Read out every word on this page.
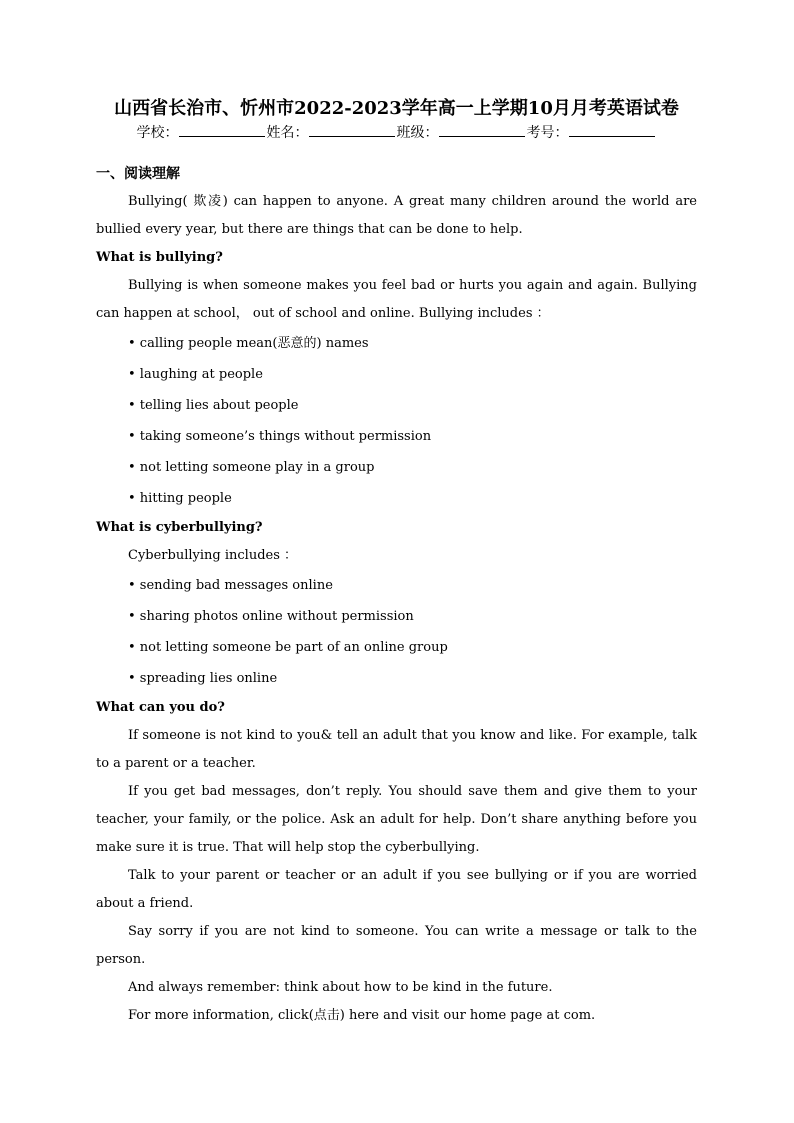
山西省长治市、忻州市2022-2023学年高一上学期10月月考英语试卷
学校：	姓名：	班级：	考号：

一、阅读理解

Bullying( 欺凌) can happen to anyone. A great many children around the world are bullied every year, but there are things that can be done to help.

What is bullying?

Bullying is when someone makes you feel bad or hurts you again and again. Bullying can happen at school， out of school and online. Bullying includes ：

• calling people mean(恶意的) names

• laughing at people

• telling lies about people

• taking someone’s things without permission

• not letting someone play in a group

• hitting people

What is cyberbullying?

Cyberbullying includes ：

• sending bad messages online

• sharing photos online without permission

• not letting someone be part of an online group

• spreading lies online

What can you do?

If someone is not kind to you& tell an adult that you know and like. For example, talk to a parent or a teacher.

If you get bad messages, don’t reply. You should save them and give them to your teacher, your family, or the police. Ask an adult for help. Don’t share anything before you make sure it is true. That will help stop the cyberbullying.

Talk to your parent or teacher or an adult if you see bullying or if you are worried about a friend.

Say sorry if you are not kind to someone. You can write a message or talk to the person.

And always remember: think about how to be kind in the future.

For more information, click(点击) here and visit our home page at com.
